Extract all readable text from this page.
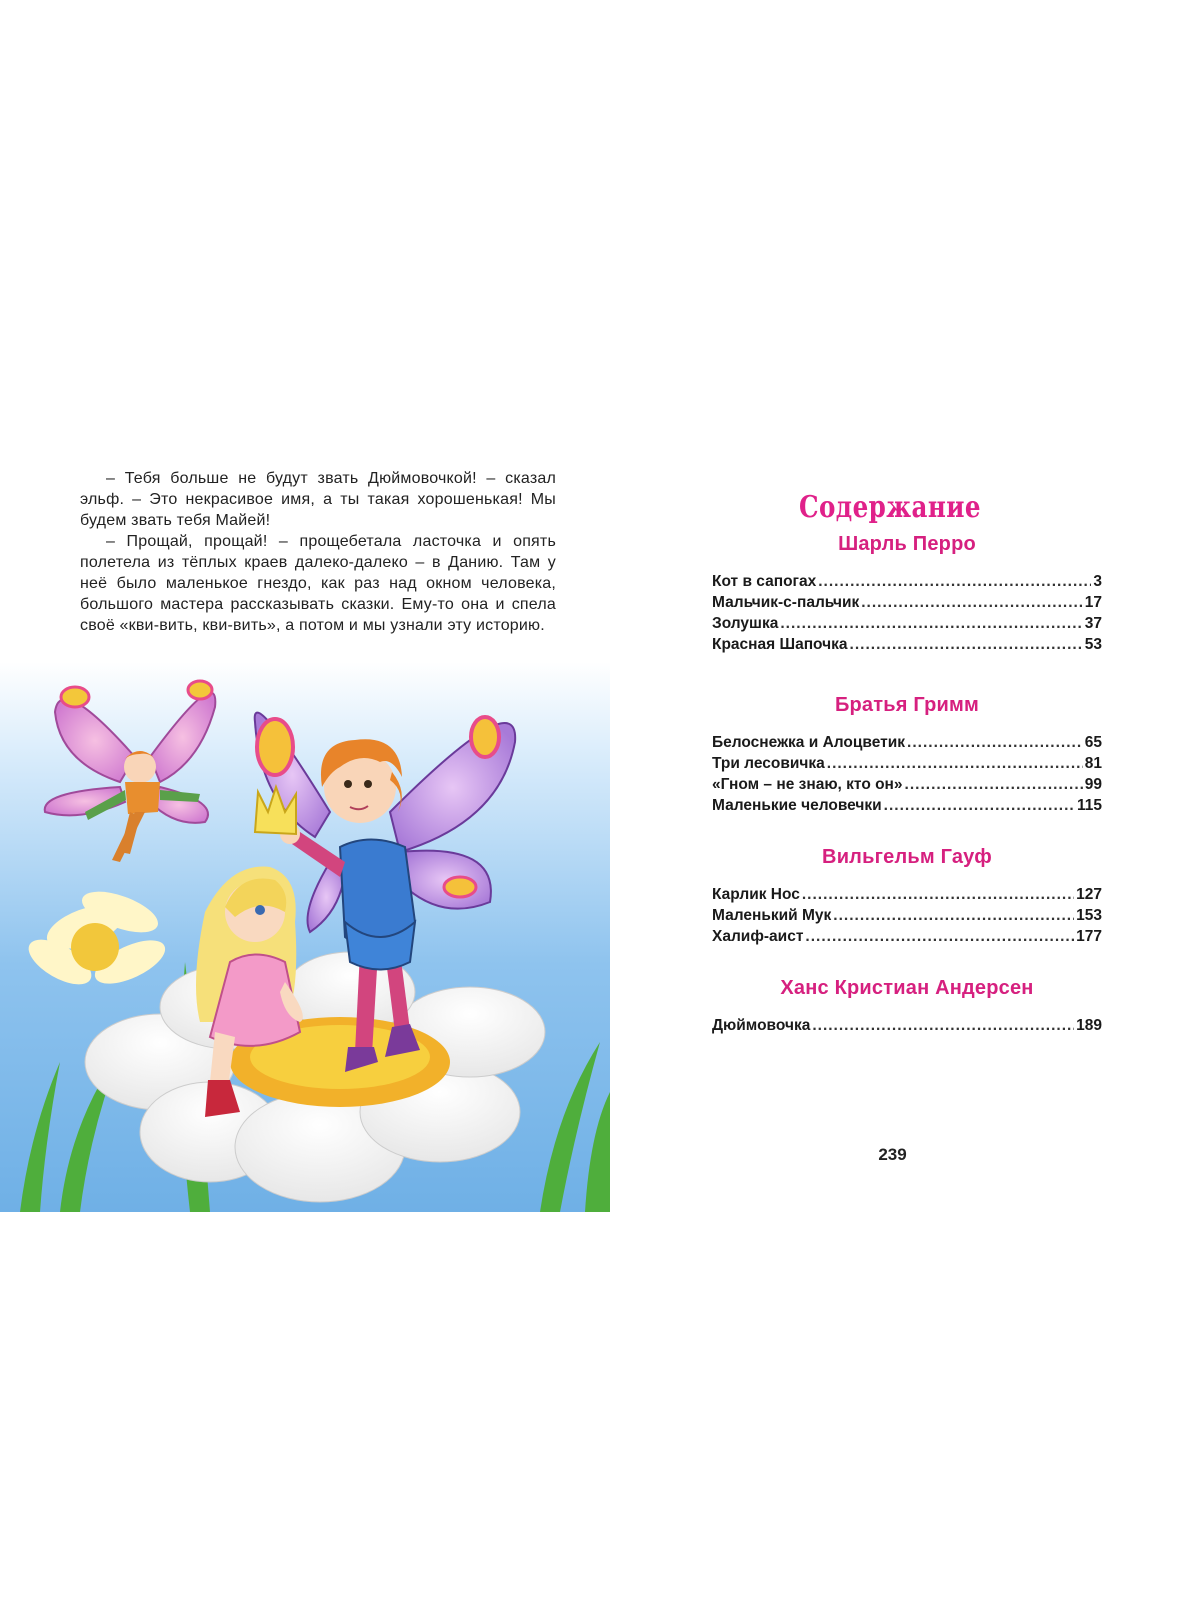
– Тебя больше не будут звать Дюймовочкой! – сказал эльф. – Это некрасивое имя, а ты такая хорошенькая! Мы будем звать тебя Майей!

– Прощай, прощай! – прощебетала ласточка и опять полетела из тёплых краев далеко-далеко – в Данию. Там у неё было маленькое гнездо, как раз над окном человека, большого мастера рассказывать сказки. Ему-то она и спела своё «кви-вить, кви-вить», а потом и мы узнали эту историю.

Содержание
Шарль Перро
Кот в сапогах .....	3
Мальчик-с-пальчик .....	17
Золушка .....	37
Красная Шапочка .....	53
Братья Гримм
Белоснежка и Алоцветик .....	65
Три лесовичка .....	81
«Гном – не знаю, кто он» .....	99
Маленькие человечки .....	115
Вильгельм Гауф
Карлик Нос .....	127
Маленький Мук .....	153
Халиф-аист .....	177
Ханс Кристиан Андерсен
Дюймовочка .....	189
239
